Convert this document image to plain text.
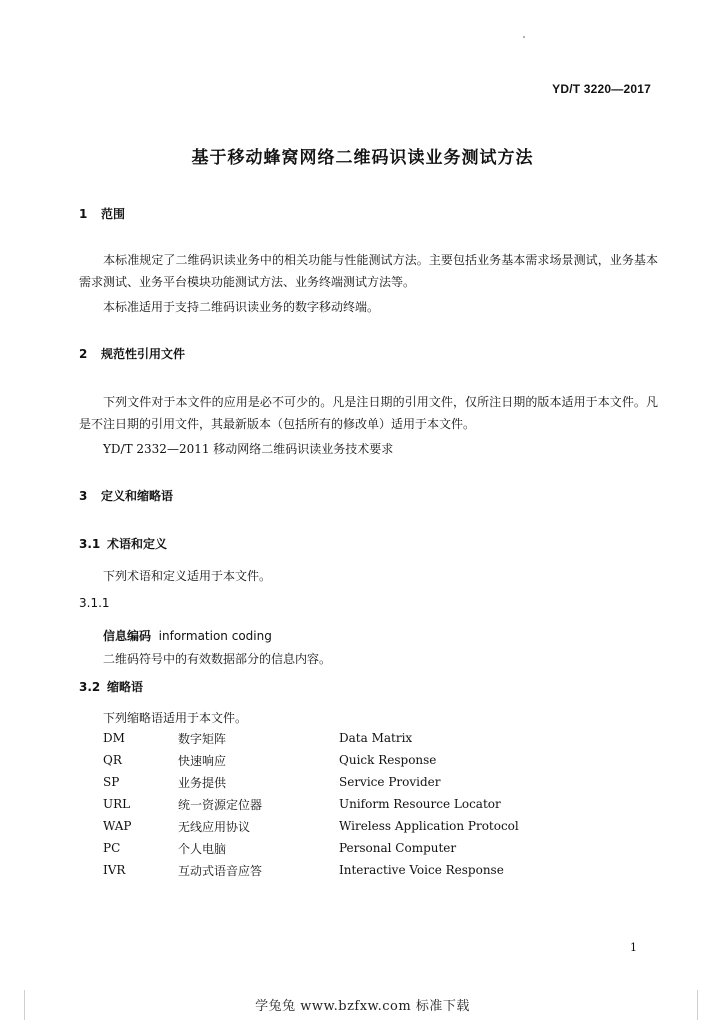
YD/T 3220—2017
基于移动蜂窝网络二维码识读业务测试方法
1 范围
本标准规定了二维码识读业务中的相关功能与性能测试方法。主要包括业务基本需求场景测试，业务基本需求测试、业务平台模块功能测试方法、业务终端测试方法等。
本标准适用于支持二维码识读业务的数字移动终端。
2 规范性引用文件
下列文件对于本文件的应用是必不可少的。凡是注日期的引用文件，仅所注日期的版本适用于本文件。凡是不注日期的引用文件，其最新版本（包括所有的修改单）适用于本文件。
YD/T 2332—2011 移动网络二维码识读业务技术要求
3 定义和缩略语
3.1 术语和定义
下列术语和定义适用于本文件。
3.1.1
信息编码 information coding
二维码符号中的有效数据部分的信息内容。
3.2 缩略语
下列缩略语适用于本文件。
DM	数字矩阵	Data Matrix
QR	快速响应	Quick Response
SP	业务提供	Service Provider
URL	统一资源定位器	Uniform Resource Locator
WAP	无线应用协议	Wireless Application Protocol
PC	个人电脑	Personal Computer
IVR	互动式语音应答	Interactive Voice Response
1
学兔兔 www.bzfxw.com 标准下载
